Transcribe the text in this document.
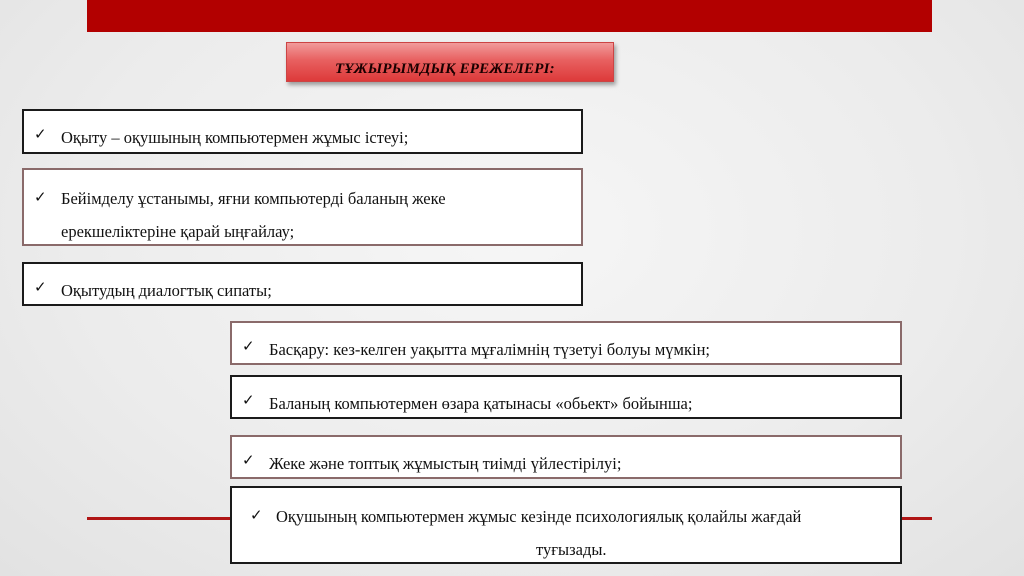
ТҰЖЫРЫМДЫҚ ЕРЕЖЕЛЕРІ:
✓ Оқыту – оқушының компьютермен жұмыс істеуі;
✓ Бейімделу ұстанымы, яғни компьютерді баланың жеке
ерекшеліктеріне қарай ыңғайлау;
✓ Оқытудың диалогтық сипаты;
✓ Басқару: кез-келген уақытта мұғалімнің түзетуі болуы мүмкін;
✓ Баланың компьютермен өзара қатынасы «обьект» бойынша;
✓ Жеке және топтық жұмыстың тиімді үйлестірілуі;
✓ Оқушының компьютермен жұмыс кезінде психологиялық қолайлы жағдай
туғызады.
